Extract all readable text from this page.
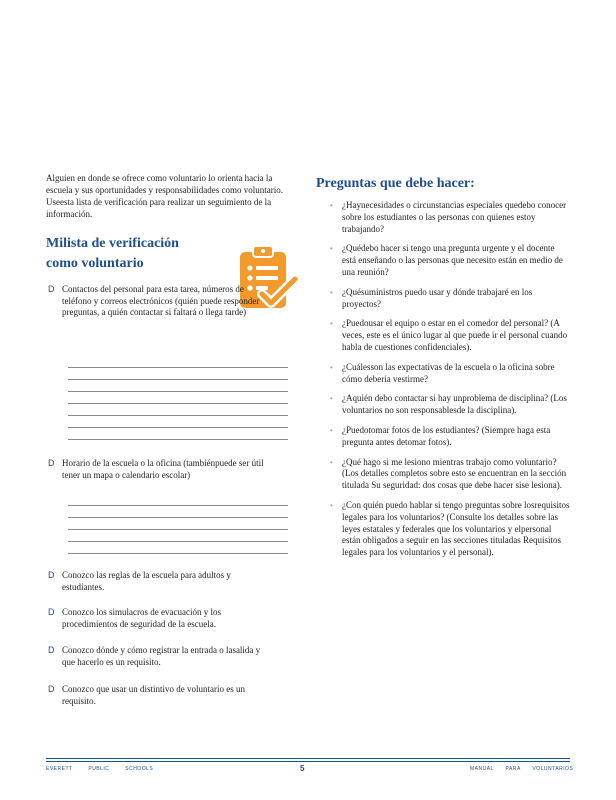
Alguien en donde se ofrece como voluntario lo orienta hacia la escuela y sus oportunidades y responsabilidades como voluntario. Useesta lista de verificación para realizar un seguimiento de la información.

Milista de verificación
como voluntario
D Contactos del personal para esta tarea, números de teléfono y correos electrónicos (quién puede responder preguntas, a quién contactar si faltará o llega tarde)
D Horario de la escuela o la oficina (tambiénpuede ser útil tener un mapa o calendario escolar)
D Conozco las reglas de la escuela para adultos y estudiantes.
D Conozco los simulacros de evacuación y los procedimientos de seguridad de la escuela.
D Conozco dónde y cómo registrar la entrada o lasalida y que hacerlo es un requisito.
D Conozco que usar un distintivo de voluntario es un requisito.
Preguntas que debe hacer:
• ¿Haynecesidades o circunstancias especiales quedebo conocer sobre los estudiantes o las personas con quienes estoy trabajando?
• ¿Quédebo hacer si tengo una pregunta urgente y el docente está enseñando o las personas que necesito están en medio de una reunión?
• ¿Quésuministros puedo usar y dónde trabajaré en los proyectos?
• ¿Puedousar el equipo o estar en el comedor del personal? (A veces, este es el único lugar al que puede ir el personal cuando habla de cuestiones confidenciales).
• ¿Cuálesson las expectativas de la escuela o la oficina sobre cómo debería vestirme?
• ¿Aquién debo contactar si hay unproblema de disciplina? (Los voluntarios no son responsablesde la disciplina).
• ¿Puedotomar fotos de los estudiantes? (Siempre haga esta pregunta antes detomar fotos).
• ¿Qué hago si me lesiono mientras trabajo como voluntario? (Los detalles completos sobre esto se encuentran en la sección titulada Su seguridad: dos cosas que debe hacer sise lesiona).
• ¿Con quién puedo hablar si tengo preguntas sobre losrequisitos legales para los voluntarios? (Consulte los detalles sobre las leyes estatales y federales que los voluntarios y elpersonal están obligados a seguir en las secciones tituladas Requisitos legales para los voluntarios y el personal).
EVERETT PUBLIC SCHOOLS	5	MANUAL PARA VOLUNTARIOS
